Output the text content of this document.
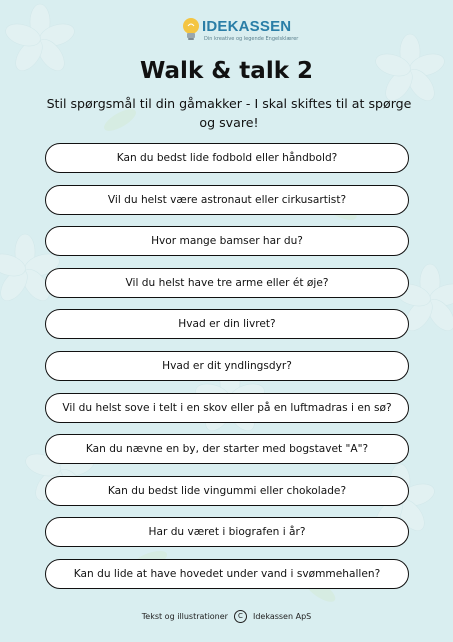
IDEKASSEN
Din kreative og legende Engelsklærer
Walk & talk 2
Stil spørgsmål til din gåmakker - I skal skiftes til at spørge og svare!
Kan du bedst lide fodbold eller håndbold?
Vil du helst være astronaut eller cirkusartist?
Hvor mange bamser har du?
Vil du helst have tre arme eller ét øje?
Hvad er din livret?
Hvad er dit yndlingsdyr?
Vil du helst sove i telt i en skov eller på en luftmadras i en sø?
Kan du nævne en by, der starter med bogstavet "A"?
Kan du bedst lide vingummi eller chokolade?
Har du været i biografen i år?
Kan du lide at have hovedet under vand i svømmehallen?
Tekst og illustrationer C Idekassen ApS
